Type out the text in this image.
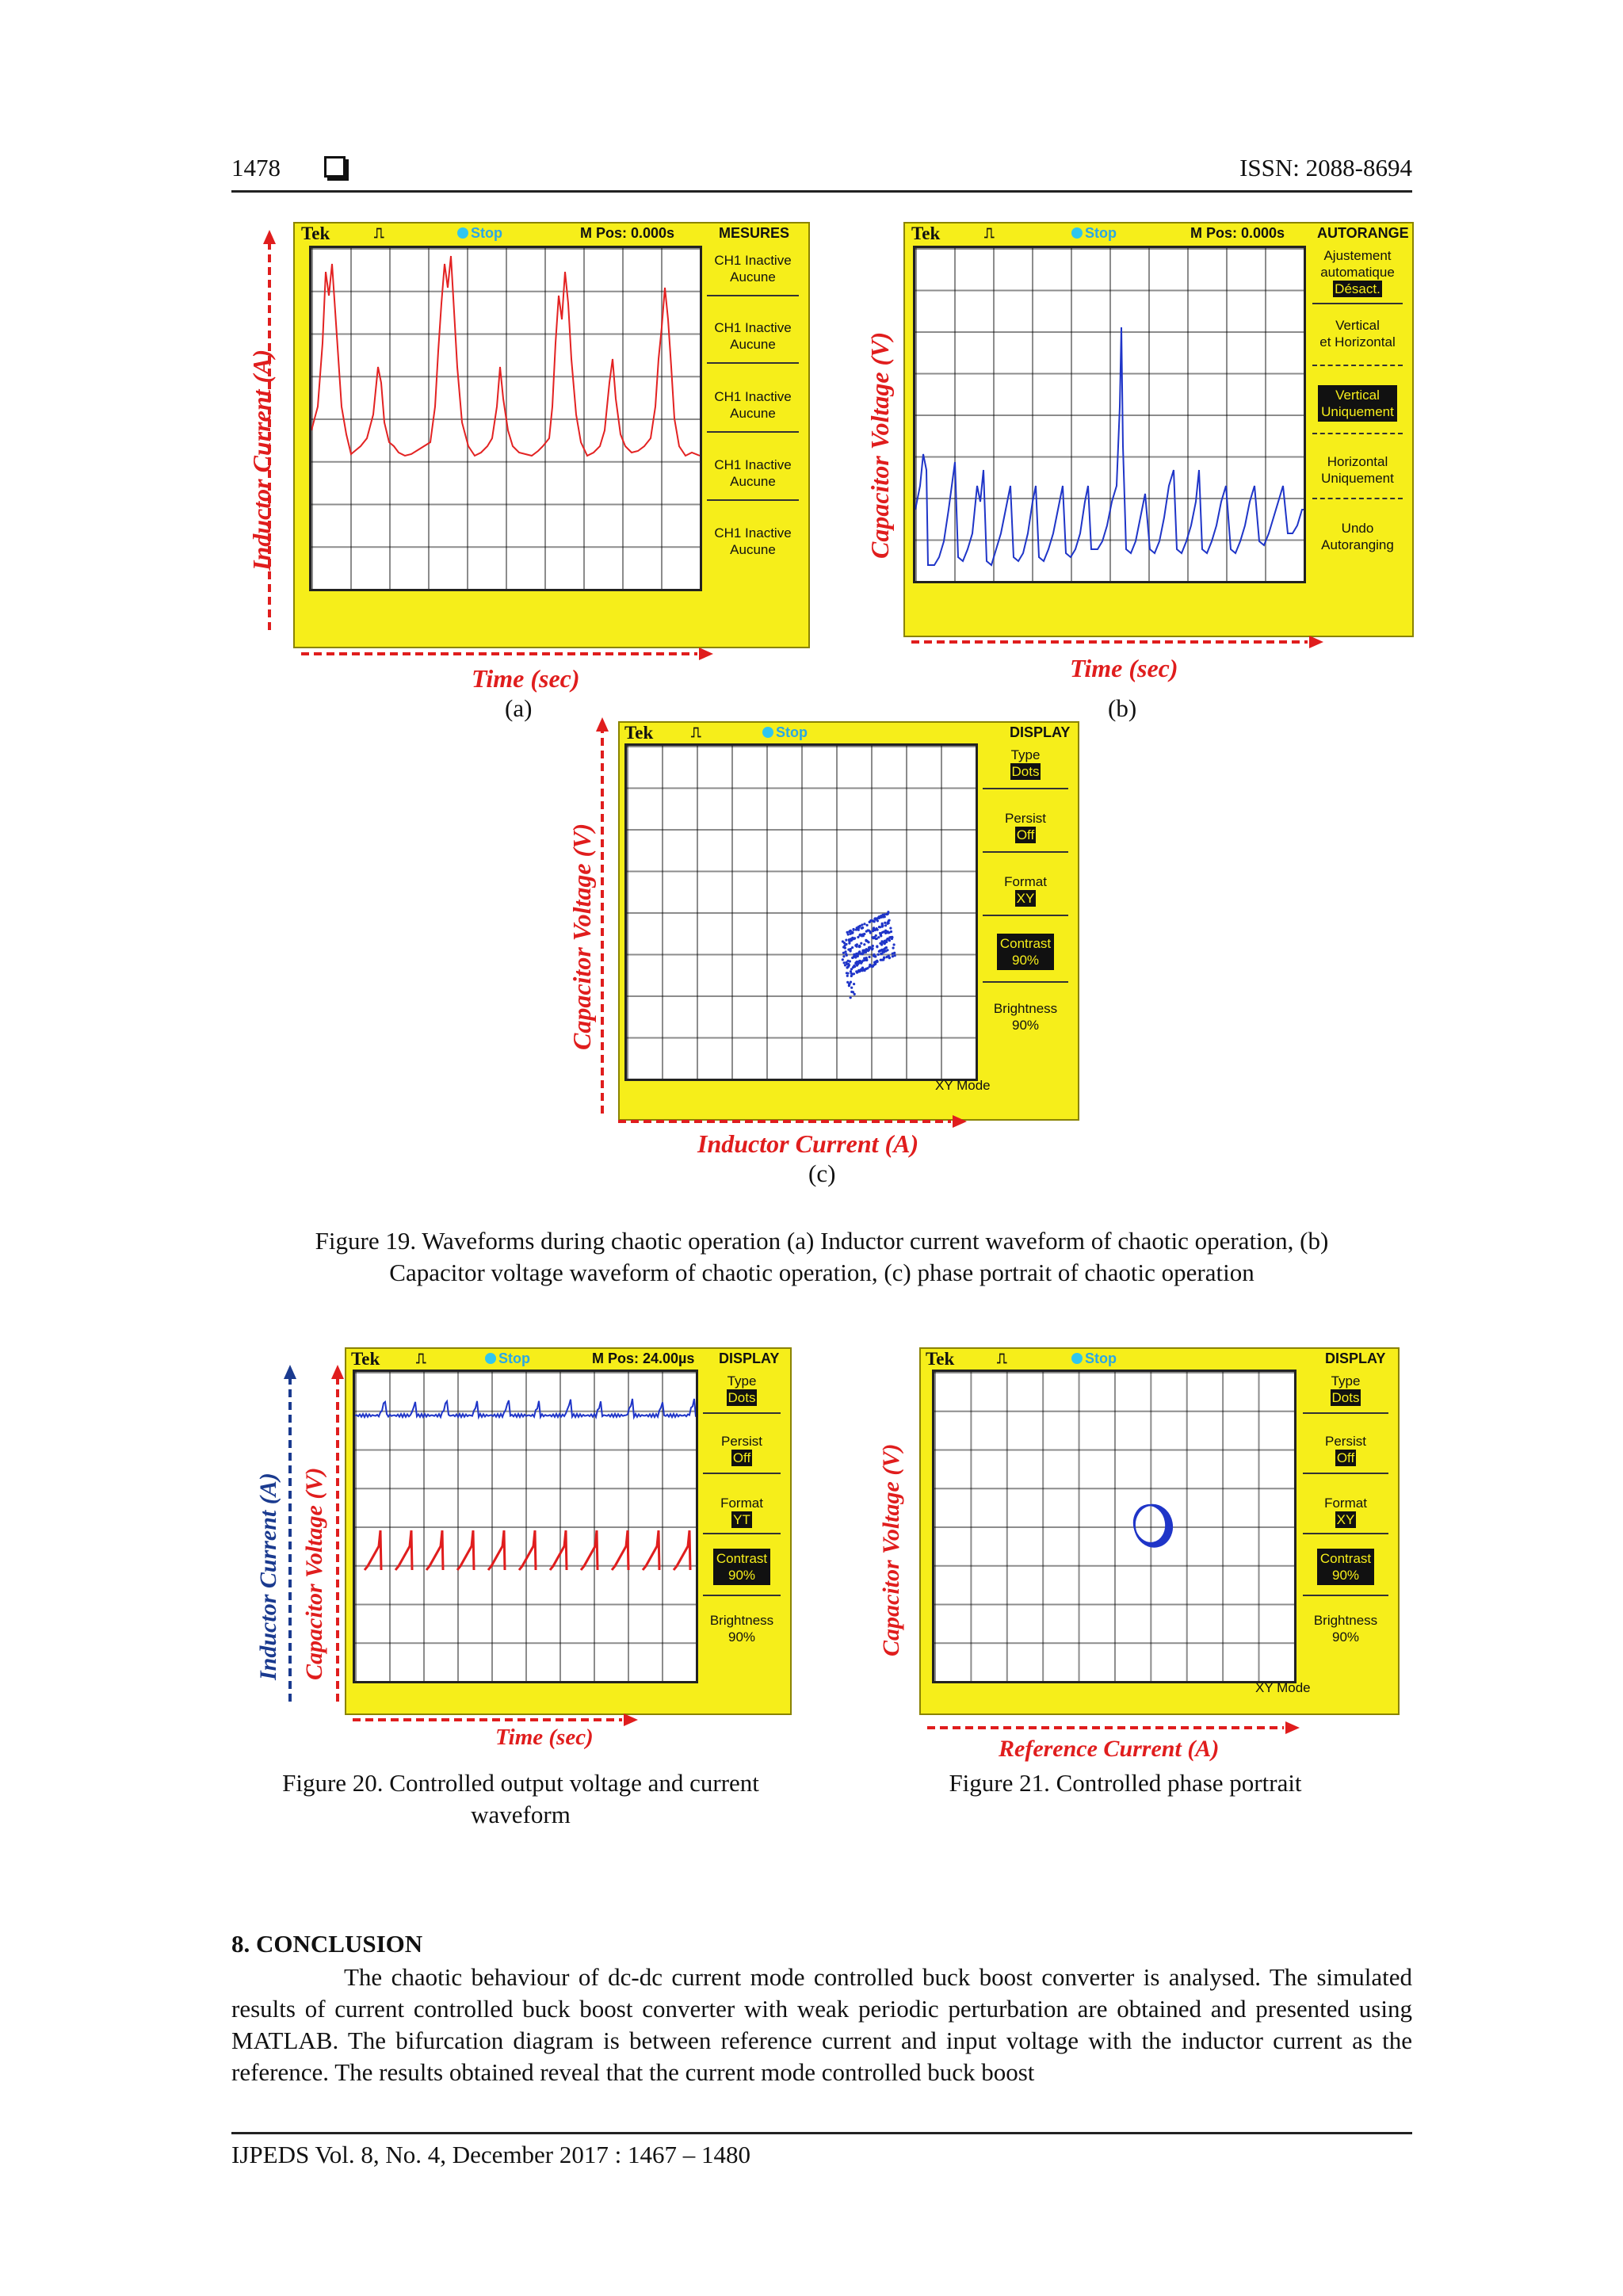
1478	ISSN: 2088-8694
Tek	⎍	Stop	M Pos: 0.000s	MESURES
CH1 Inactive
Aucune
CH1 Inactive
Aucune
CH1 Inactive
Aucune
CH1 Inactive
Aucune
CH1 Inactive
Aucune
Inductor Current (A)
Time (sec)
(a)
Tek	⎍	Stop	M Pos: 0.000s AUTORANGE
Ajustement
automatique
Désact.
Vertical
et Horizontal
Vertical
Uniquement
Horizontal
Uniquement
Undo
Autoranging
Capacitor Voltage (V)
Time (sec)
(b)
Tek	⎍	Stop	DISPLAY
XY Mode
Type
Dots
Persist
Off
Format
XY
Contrast
90%
Brightness
90%
Capacitor Voltage (V)
Inductor Current (A)
(c)
Figure 19. Waveforms during chaotic operation (a) Inductor current waveform of chaotic operation, (b)
Capacitor voltage waveform of chaotic operation, (c) phase portrait of chaotic operation
Tek	⎍	Stop	M Pos: 24.00µs DISPLAY
Type
Dots
Persist
Off
Format
YT
Contrast
90%
Brightness
90%
Inductor Current (A) Capacitor Voltage (V)
Time (sec)
Figure 20. Controlled output voltage and current
waveform
Tek	⎍	Stop	DISPLAY
XY Mode
Type
Dots
Persist
Off
Format
XY
Contrast
90%
Brightness
90%
Capacitor Voltage (V)
Reference Current (A)
Figure 21. Controlled phase portrait
8. CONCLUSION
The chaotic behaviour of dc-dc current mode controlled buck boost converter is analysed. The simulated results of current controlled buck boost converter with weak periodic perturbation are obtained and presented using MATLAB. The bifurcation diagram is between reference current and input voltage with the inductor current as the reference. The results obtained reveal that the current mode controlled buck boost
IJPEDS Vol. 8, No. 4, December 2017 : 1467 – 1480
